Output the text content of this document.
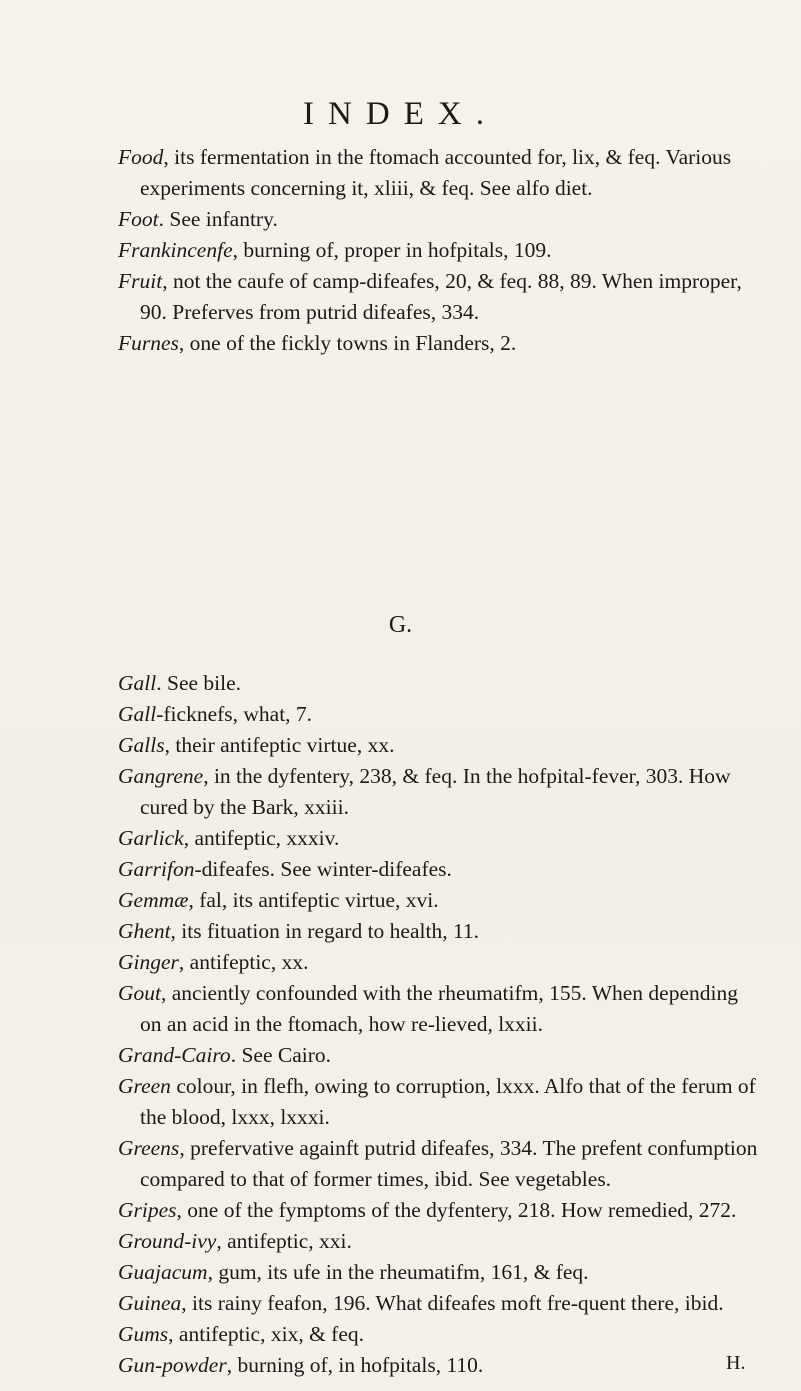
INDEX.

Food, its fermentation in the ftomach accounted for, lix, & feq. Various experiments concerning it, xliii, & feq. See alfo diet.

Foot. See infantry.

Frankincenfe, burning of, proper in hofpitals, 109.

Fruit, not the caufe of camp-difeafes, 20, & feq. 88, 89. When improper, 90. Preferves from putrid difeafes, 334.

Furnes, one of the fickly towns in Flanders, 2.

G.

Gall. See bile.

Gall-ficknefs, what, 7.

Galls, their antifeptic virtue, xx.

Gangrene, in the dyfentery, 238, & feq. In the hofpital-fever, 303. How cured by the Bark, xxiii.

Garlick, antifeptic, xxxiv.

Garrifon-difeafes. See winter-difeafes.

Gemmæ, fal, its antifeptic virtue, xvi.

Ghent, its fituation in regard to health, 11.

Ginger, antifeptic, xx.

Gout, anciently confounded with the rheumatifm, 155. When depending on an acid in the ftomach, how re-lieved, lxxii.

Grand-Cairo. See Cairo.

Green colour, in flefh, owing to corruption, lxxx. Alfo that of the ferum of the blood, lxxx, lxxxi.

Greens, prefervative againft putrid difeafes, 334. The prefent confumption compared to that of former times, ibid. See vegetables.

Gripes, one of the fymptoms of the dyfentery, 218. How remedied, 272.

Ground-ivy, antifeptic, xxi.

Guajacum, gum, its ufe in the rheumatifm, 161, & feq.

Guinea, its rainy feafon, 196. What difeafes moft fre-quent there, ibid.

Gums, antifeptic, xix, & feq.

Gun-powder, burning of, in hofpitals, 110.	H.
